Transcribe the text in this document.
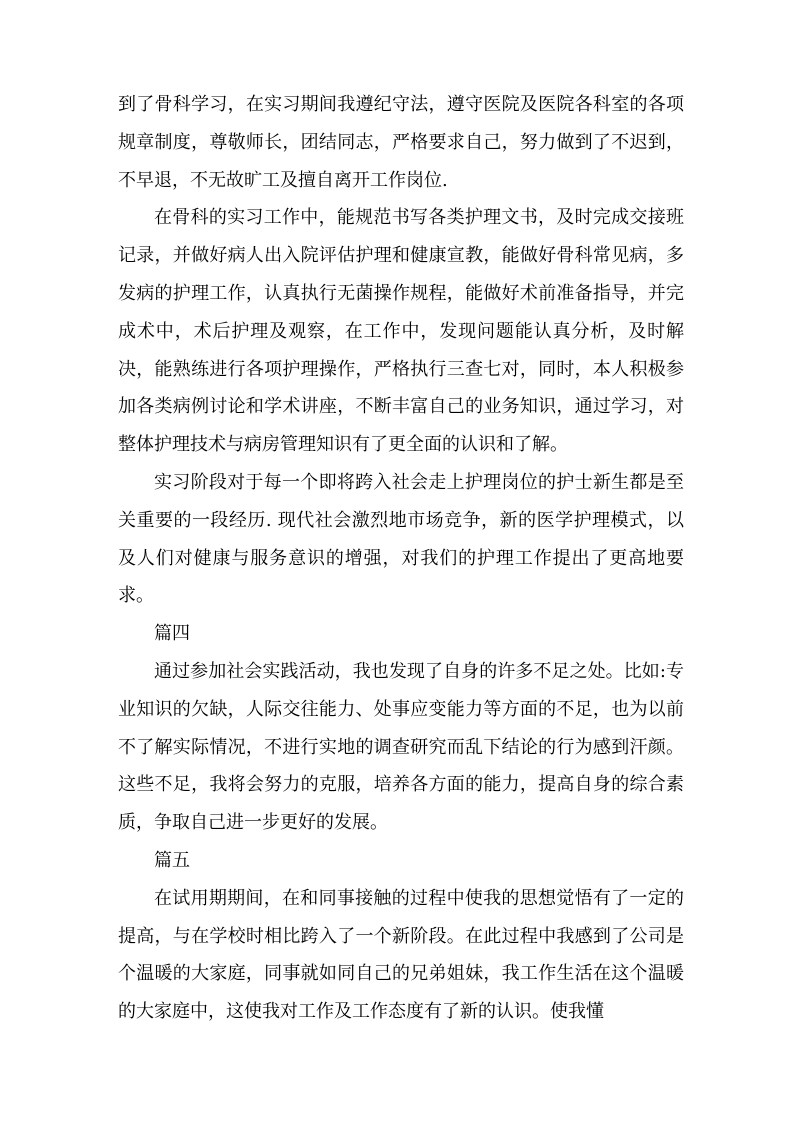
到了骨科学习，在实习期间我遵纪守法，遵守医院及医院各科室的各项规章制度，尊敬师长，团结同志，严格要求自己，努力做到了不迟到，不早退，不无故旷工及擅自离开工作岗位.

在骨科的实习工作中，能规范书写各类护理文书，及时完成交接班记录，并做好病人出入院评估护理和健康宣教，能做好骨科常见病，多发病的护理工作，认真执行无菌操作规程，能做好术前准备指导，并完成术中，术后护理及观察，在工作中，发现问题能认真分析，及时解决，能熟练进行各项护理操作，严格执行三查七对，同时，本人积极参加各类病例讨论和学术讲座，不断丰富自己的业务知识，通过学习，对整体护理技术与病房管理知识有了更全面的认识和了解。

实习阶段对于每一个即将跨入社会走上护理岗位的护士新生都是至关重要的一段经历. 现代社会激烈地市场竞争，新的医学护理模式，以及人们对健康与服务意识的增强，对我们的护理工作提出了更高地要求。

篇四

通过参加社会实践活动，我也发现了自身的许多不足之处。比如:专业知识的欠缺，人际交往能力、处事应变能力等方面的不足，也为以前不了解实际情况，不进行实地的调查研究而乱下结论的行为感到汗颜。这些不足，我将会努力的克服，培养各方面的能力，提高自身的综合素质，争取自己进一步更好的发展。

篇五

在试用期期间，在和同事接触的过程中使我的思想觉悟有了一定的提高，与在学校时相比跨入了一个新阶段。在此过程中我感到了公司是个温暖的大家庭，同事就如同自己的兄弟姐妹，我工作生活在这个温暖的大家庭中，这使我对工作及工作态度有了新的认识。使我懂
